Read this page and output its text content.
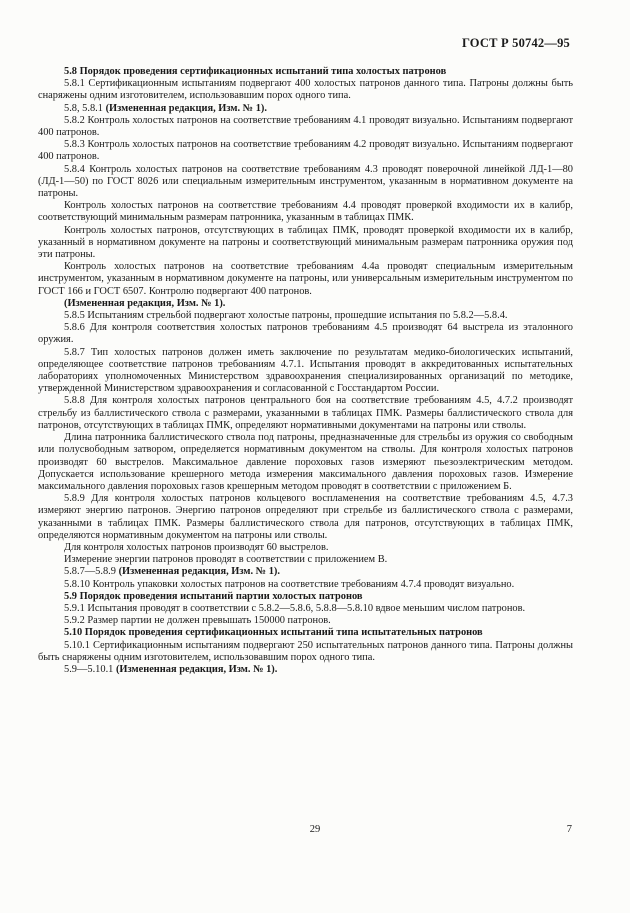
ГОСТ Р 50742—95

5.8 Порядок проведения сертификационных испытаний типа холостых патронов

5.8.1 Сертификационным испытаниям подвергают 400 холостых патронов данного типа. Патроны должны быть снаряжены одним изготовителем, использовавшим порох одного типа.

5.8, 5.8.1 (Измененная редакция, Изм. № 1).

5.8.2 Контроль холостых патронов на соответствие требованиям 4.1 проводят визуально. Испытаниям подвергают 400 патронов.

5.8.3 Контроль холостых патронов на соответствие требованиям 4.2 проводят визуально. Испытаниям подвергают 400 патронов.

5.8.4 Контроль холостых патронов на соответствие требованиям 4.3 проводят поверочной линейкой ЛД-1—80 (ЛД-1—50) по ГОСТ 8026 или специальным измерительным инструментом, указанным в нормативном документе на патроны.

Контроль холостых патронов на соответствие требованиям 4.4 проводят проверкой входимости их в калибр, соответствующий минимальным размерам патронника, указанным в таблицах ПМК.

Контроль холостых патронов, отсутствующих в таблицах ПМК, проводят проверкой входимости их в калибр, указанный в нормативном документе на патроны и соответствующий минимальным размерам патронника оружия под эти патроны.

Контроль холостых патронов на соответствие требованиям 4.4а проводят специальным измерительным инструментом, указанным в нормативном документе на патроны, или универсальным измерительным инструментом по ГОСТ 166 и ГОСТ 6507. Контролю подвергают 400 патронов.

(Измененная редакция, Изм. № 1).

5.8.5 Испытаниям стрельбой подвергают холостые патроны, прошедшие испытания по 5.8.2—5.8.4.

5.8.6 Для контроля соответствия холостых патронов требованиям 4.5 производят 64 выстрела из эталонного оружия.

5.8.7 Тип холостых патронов должен иметь заключение по результатам медико-биологических испытаний, определяющее соответствие патронов требованиям 4.7.1. Испытания проводят в аккредитованных испытательных лабораториях уполномоченных Министерством здравоохранения специализированных организаций по методике, утвержденной Министерством здравоохранения и согласованной с Госстандартом России.

5.8.8 Для контроля холостых патронов центрального боя на соответствие требованиям 4.5, 4.7.2 производят стрельбу из баллистического ствола с размерами, указанными в таблицах ПМК. Размеры баллистического ствола для патронов, отсутствующих в таблицах ПМК, определяют нормативными документами на патроны или стволы.

Длина патронника баллистического ствола под патроны, предназначенные для стрельбы из оружия со свободным или полусвободным затвором, определяется нормативным документом на стволы. Для контроля холостых патронов производят 60 выстрелов. Максимальное давление пороховых газов измеряют пьезоэлектрическим методом. Допускается использование крешерного метода измерения максимального давления пороховых газов. Измерение максимального давления пороховых газов крешерным методом проводят в соответствии с приложением Б.

5.8.9 Для контроля холостых патронов кольцевого воспламенения на соответствие требованиям 4.5, 4.7.3 измеряют энергию патронов. Энергию патронов определяют при стрельбе из баллистического ствола с размерами, указанными в таблицах ПМК. Размеры баллистического ствола для патронов, отсутствующих в таблицах ПМК, определяются нормативным документом на патроны или стволы.

Для контроля холостых патронов производят 60 выстрелов.

Измерение энергии патронов проводят в соответствии с приложением В.

5.8.7—5.8.9 (Измененная редакция, Изм. № 1).

5.8.10 Контроль упаковки холостых патронов на соответствие требованиям 4.7.4 проводят визуально.

5.9 Порядок проведения испытаний партии холостых патронов

5.9.1 Испытания проводят в соответствии с 5.8.2—5.8.6, 5.8.8—5.8.10 вдвое меньшим числом патронов.

5.9.2 Размер партии не должен превышать 150000 патронов.

5.10 Порядок проведения сертификационных испытаний типа испытательных патронов

5.10.1 Сертификационным испытаниям подвергают 250 испытательных патронов данного типа. Патроны должны быть снаряжены одним изготовителем, использовавшим порох одного типа.

5.9—5.10.1 (Измененная редакция, Изм. № 1).

29	7
